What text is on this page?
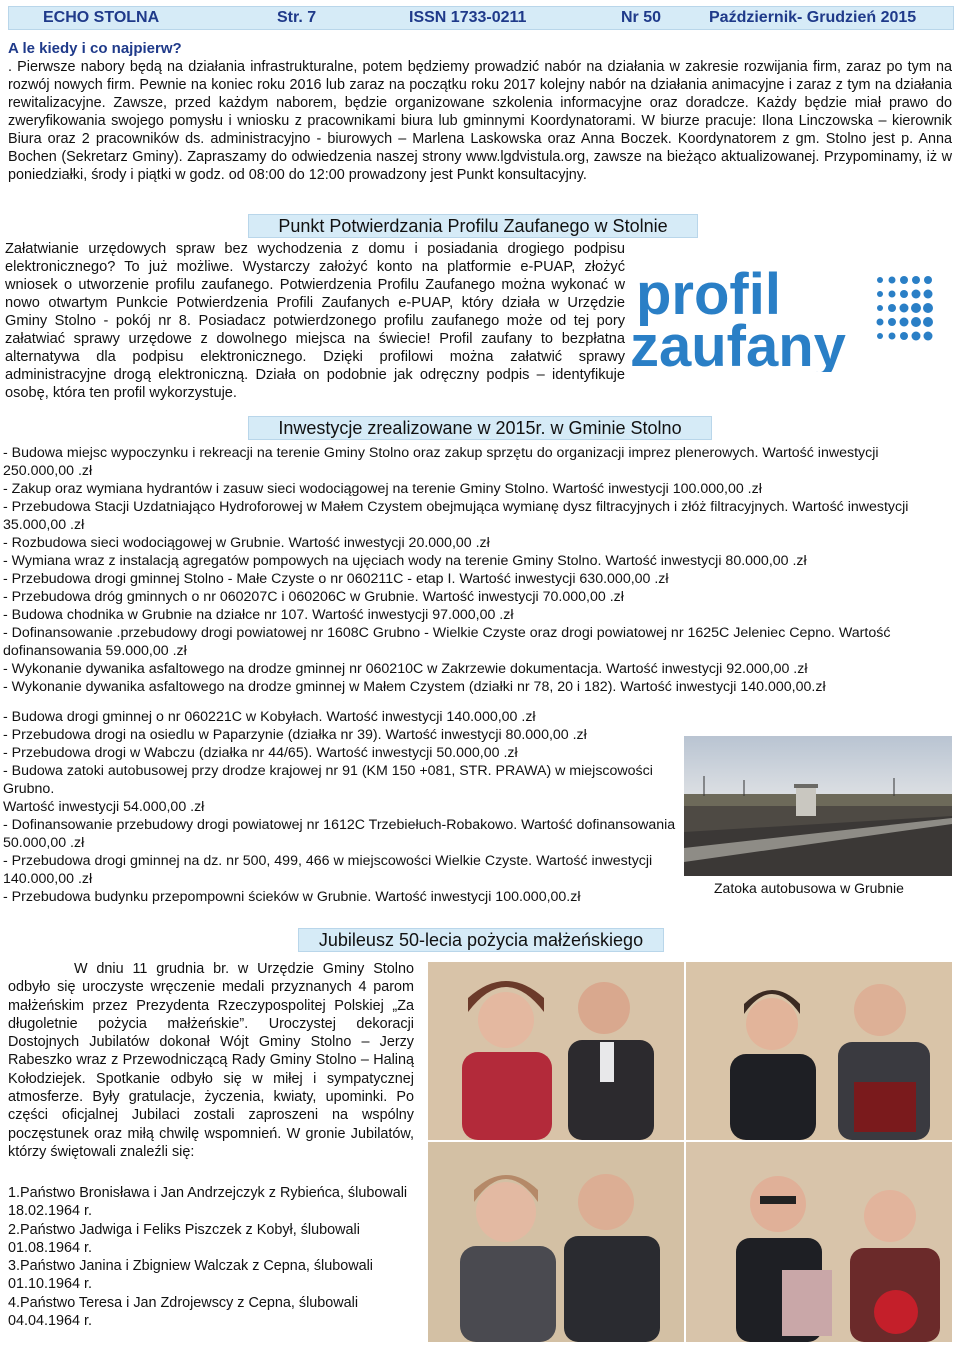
ECHO STOLNA	Str. 7	ISSN 1733-0211	Nr 50	Październik- Grudzień 2015
A le kiedy i co najpierw?
. Pierwsze nabory będą na działania infrastrukturalne, potem będziemy prowadzić nabór na działania w zakresie rozwijania firm, zaraz po tym na rozwój nowych firm. Pewnie na koniec roku 2016 lub zaraz na początku roku 2017 kolejny nabór na działania animacyjne i zaraz z tym na działania rewitalizacyjne. Zawsze, przed każdym naborem, będzie organizowane szkolenia informacyjne oraz doradcze. Każdy będzie miał prawo do zweryfikowania swojego pomysłu i wniosku z pracownikami biura lub gminnymi Koordynatorami. W biurze pracuje: Ilona Linczowska – kierownik Biura oraz 2 pracowników ds. administracyjno - biurowych – Marlena Laskowska oraz Anna Boczek. Koordynatorem z gm. Stolno jest p. Anna Bochen (Sekretarz Gminy). Zapraszamy do odwiedzenia naszej strony www.lgdvistula.org, zawsze na bieżąco aktualizowanej. Przypominamy, iż w poniedziałki, środy i piątki w godz. od 08:00 do 12:00 prowadzony jest Punkt konsultacyjny.
Punkt Potwierdzania Profilu Zaufanego w Stolnie
Załatwianie urzędowych spraw bez wychodzenia z domu i posiadania drogiego podpisu elektronicznego? To już możliwe. Wystarczy założyć konto na platformie e-PUAP, złożyć wniosek o utworzenie profilu zaufanego. Potwierdzenia Profilu Zaufanego można wykonać w nowo otwartym Punkcie Potwierdzenia Profili Zaufanych e-PUAP, który działa w Urzędzie Gminy Stolno - pokój nr 8. Posiadacz potwierdzonego profilu zaufanego może od tej pory załatwiać sprawy urzędowe z dowolnego miejsca na świecie! Profil zaufany to bezpłatna alternatywa dla podpisu elektronicznego. Dzięki profilowi można załatwić sprawy administracyjne drogą elektroniczną. Działa on podobnie jak odręczny podpis – identyfikuje osobę, która ten profil wykorzystuje.
profil
zaufany
Inwestycje zrealizowane w 2015r. w Gminie Stolno
- Budowa miejsc wypoczynku i rekreacji na terenie Gminy Stolno oraz zakup sprzętu do organizacji imprez plenerowych. Wartość inwestycji 250.000,00 .zł
- Zakup oraz wymiana hydrantów i zasuw sieci wodociągowej na terenie Gminy Stolno. Wartość inwestycji 100.000,00 .zł
- Przebudowa Stacji Uzdatniająco Hydroforowej w Małem Czystem obejmująca wymianę dysz filtracyjnych i złóż filtracyjnych. Wartość inwestycji 35.000,00 .zł
- Rozbudowa sieci wodociągowej w Grubnie. Wartość inwestycji 20.000,00 .zł
- Wymiana wraz z instalacją agregatów pompowych na ujęciach wody na terenie Gminy Stolno. Wartość inwestycji 80.000,00 .zł
- Przebudowa drogi gminnej Stolno - Małe Czyste o nr 060211C - etap I. Wartość inwestycji 630.000,00 .zł
- Przebudowa dróg gminnych o nr 060207C i 060206C w Grubnie. Wartość inwestycji 70.000,00 .zł
- Budowa chodnika w Grubnie na działce nr 107. Wartość inwestycji 97.000,00 .zł
- Dofinansowanie .przebudowy drogi powiatowej nr 1608C Grubno - Wielkie Czyste oraz drogi powiatowej nr 1625C Jeleniec Cepno. Wartość dofinansowania 59.000,00 .zł
- Wykonanie dywanika asfaltowego na drodze gminnej nr 060210C w Zakrzewie dokumentacja. Wartość inwestycji 92.000,00 .zł
- Wykonanie dywanika asfaltowego na drodze gminnej w Małem Czystem (działki nr 78, 20 i 182). Wartość inwestycji 140.000,00.zł
- Budowa drogi gminnej o nr 060221C w Kobyłach. Wartość inwestycji 140.000,00 .zł
- Przebudowa drogi na osiedlu w Paparzynie (działka nr 39). Wartość inwestycji 80.000,00 .zł
- Przebudowa drogi w Wabczu (działka nr 44/65). Wartość inwestycji 50.000,00 .zł
- Budowa zatoki autobusowej przy drodze krajowej nr 91 (KM 150 +081, STR. PRAWA) w miejscowości Grubno.
Wartość inwestycji 54.000,00 .zł
- Dofinansowanie przebudowy drogi powiatowej nr 1612C Trzebiełuch-Robakowo. Wartość dofinansowania 50.000,00 .zł
- Przebudowa drogi gminnej na dz. nr 500, 499, 466 w miejscowości Wielkie Czyste. Wartość inwestycji 140.000,00 .zł
- Przebudowa budynku przepompowni ścieków w Grubnie. Wartość inwestycji 100.000,00.zł
Zatoka autobusowa w Grubnie
Jubileusz 50-lecia pożycia małżeńskiego
W dniu 11 grudnia br. w Urzędzie Gminy Stolno odbyło się uroczyste wręczenie medali przyznanych 4 parom małżeńskim przez Prezydenta Rzeczypospolitej Polskiej „Za długoletnie pożycia małżeńskie”. Uroczystej dekoracji Dostojnych Jubilatów dokonał Wójt Gminy Stolno – Jerzy Rabeszko wraz z Przewodniczącą Rady Gminy Stolno – Haliną Kołodziejek. Spotkanie odbyło się w miłej i sympatycznej atmosferze. Były gratulacje, życzenia, kwiaty, upominki. Po części oficjalnej Jubilaci zostali zaproszeni na wspólny poczęstunek oraz miłą chwilę wspomnień. W gronie Jubilatów, którzy świętowali znaleźli się:
1.Państwo Bronisława i Jan Andrzejczyk z Rybieńca, ślubowali 18.02.1964 r.
2.Państwo Jadwiga i Feliks Piszczek z Kobył, ślubowali 01.08.1964 r.
3.Państwo Janina i Zbigniew Walczak z Cepna, ślubowali 01.10.1964 r.
4.Państwo Teresa i Jan Zdrojewscy z Cepna, ślubowali 04.04.1964 r.
